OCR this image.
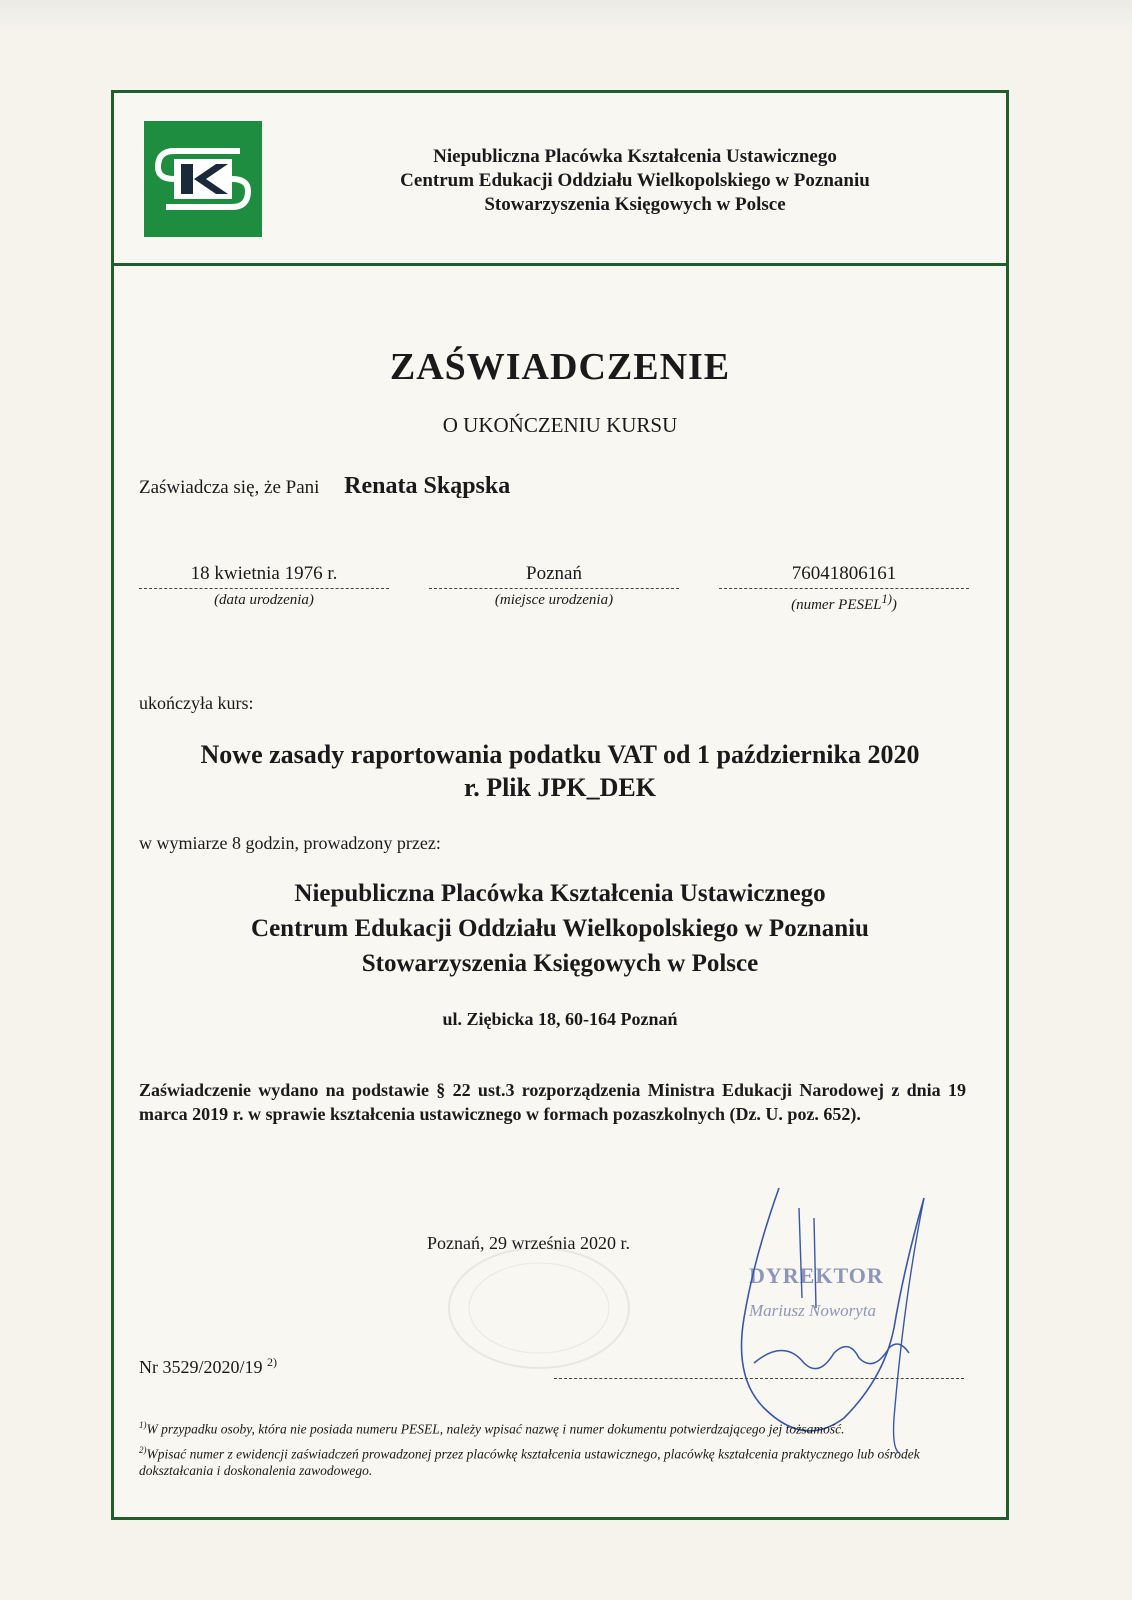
Niepubliczna Placówka Kształcenia Ustawicznego
Centrum Edukacji Oddziału Wielkopolskiego w Poznaniu
Stowarzyszenia Księgowych w Polsce
ZAŚWIADCZENIE
O UKOŃCZENIU KURSU
Zaświadcza się, że Pani Renata Skąpska
18 kwietnia 1976 r.
(data urodzenia)
Poznań
(miejsce urodzenia)
76041806161
(numer PESEL$^{1)}$)
ukończyła kurs:
Nowe zasady raportowania podatku VAT od 1 października 2020
r. Plik JPK_DEK
w wymiarze 8 godzin, prowadzony przez:
Niepubliczna Placówka Kształcenia Ustawicznego
Centrum Edukacji Oddziału Wielkopolskiego w Poznaniu
Stowarzyszenia Księgowych w Polsce
ul. Ziębicka 18, 60-164 Poznań
Zaświadczenie wydano na podstawie § 22 ust.3 rozporządzenia Ministra Edukacji Narodowej z dnia 19 marca 2019 r. w sprawie kształcenia ustawicznego w formach pozaszkolnych (Dz. U. poz. 652).
Poznań, 29 września 2020 r.
DYREKTOR
Mariusz Noworyta
Nr 3529/2020/19 $^{2)}$

$^{1)}$W przypadku osoby, która nie posiada numeru PESEL, należy wpisać nazwę i numer dokumentu potwierdzającego jej tożsamość.

$^{2)}$Wpisać numer z ewidencji zaświadczeń prowadzonej przez placówkę kształcenia ustawicznego, placówkę kształcenia praktycznego lub ośrodek dokształcania i doskonalenia zawodowego.
